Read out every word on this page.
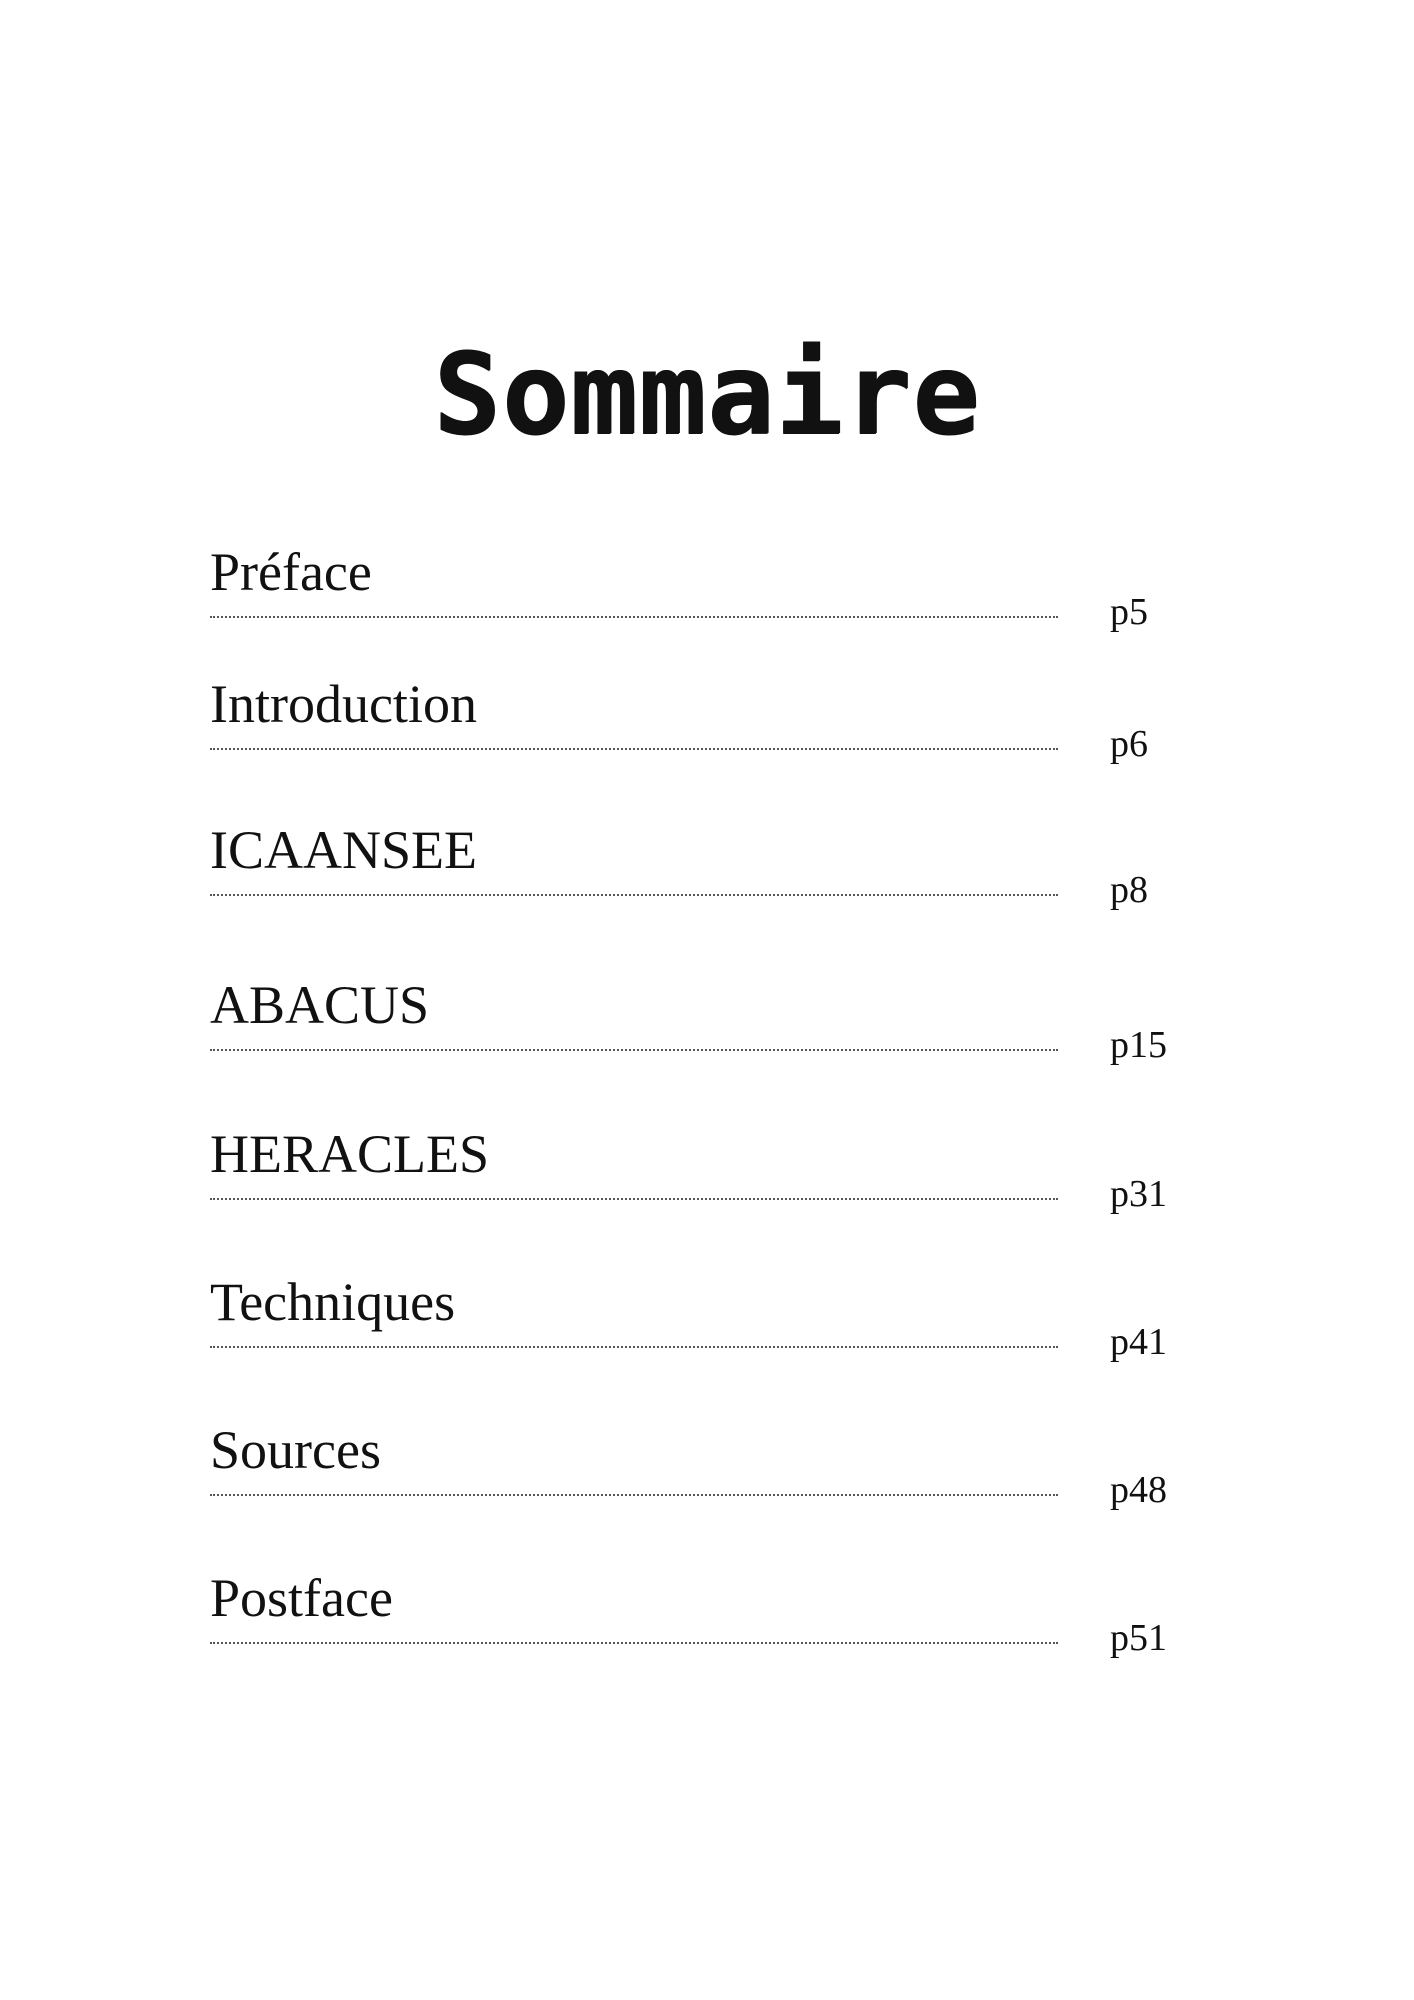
Sommaire
Préface
p5
Introduction
p6
ICAANSEE
p8
ABACUS
p15
HERACLES
p31
Techniques
p41
Sources
p48
Postface
p51
